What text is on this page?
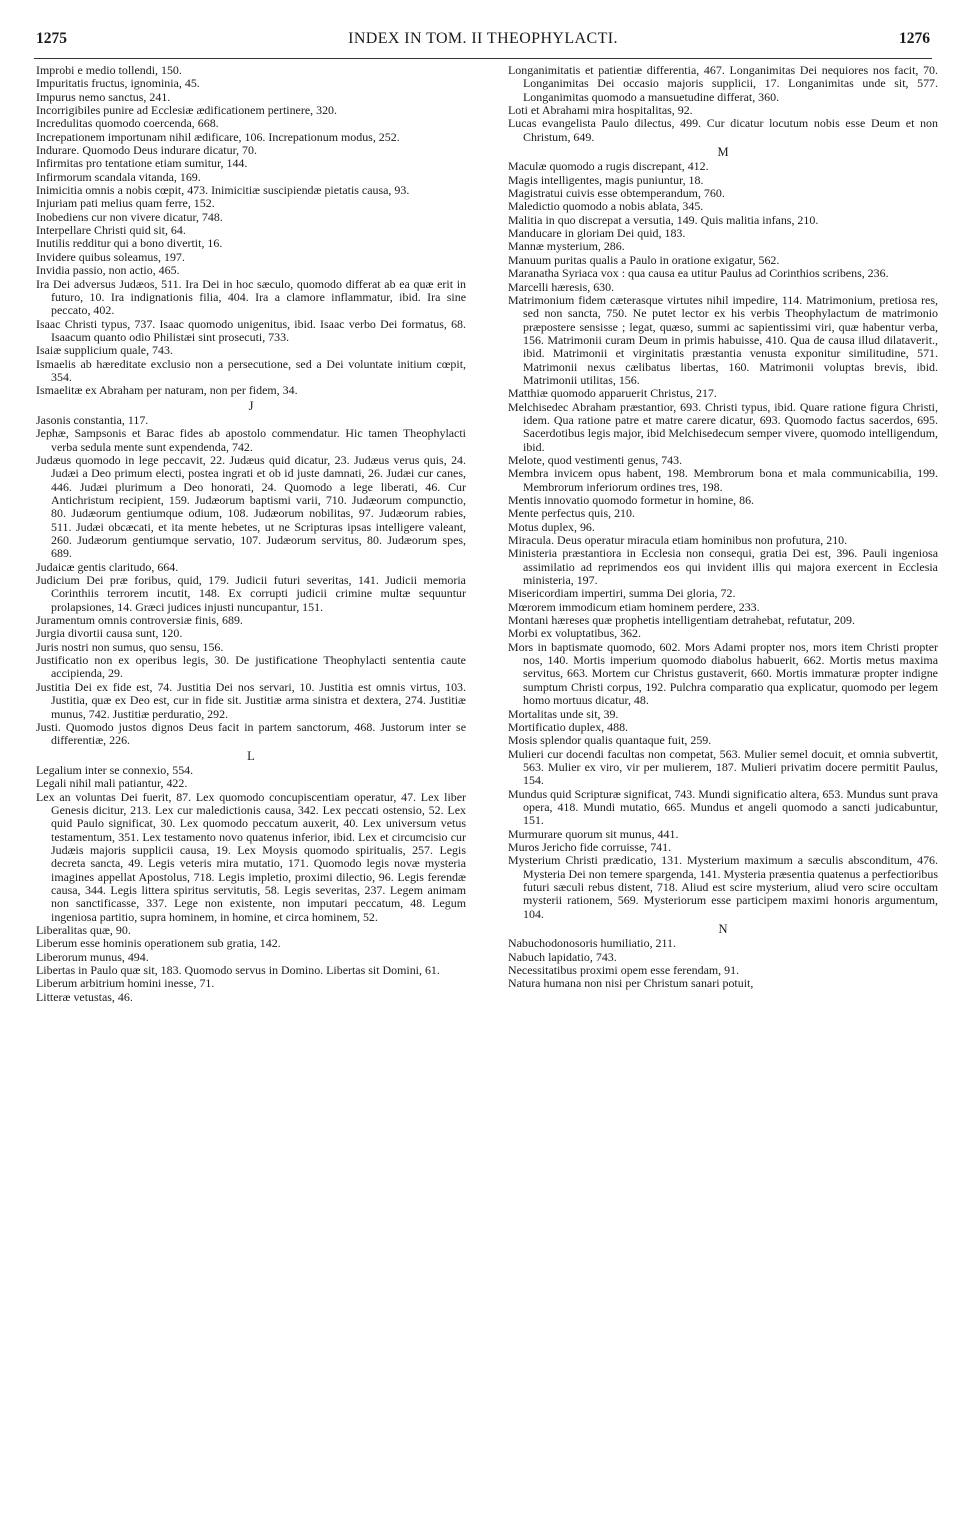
1275	INDEX IN TOM. II THEOPHYLACTI.	1276

Improbi e medio tollendi, 150.

Impuritatis fructus, ignominia, 45.

Impurus nemo sanctus, 241.

Incorrigibiles punire ad Ecclesiæ ædificationem pertinere, 320.

Incredulitas quomodo coercenda, 668.

Increpationem importunam nihil ædificare, 106. Increpationum modus, 252.

Indurare. Quomodo Deus indurare dicatur, 70.

Infirmitas pro tentatione etiam sumitur, 144.

Infirmorum scandala vitanda, 169.

Inimicitia omnis a nobis cœpit, 473. Inimicitiæ suscipiendæ pietatis causa, 93.

Injuriam pati melius quam ferre, 152.

Inobediens cur non vivere dicatur, 748.

Interpellare Christi quid sit, 64.

Inutilis redditur qui a bono divertit, 16.

Invidere quibus soleamus, 197.

Invidia passio, non actio, 465.

Ira Dei adversus Judæos, 511. Ira Dei in hoc sæculo, quomodo differat ab ea quæ erit in futuro, 10. Ira indignationis filia, 404. Ira a clamore inflammatur, ibid. Ira sine peccato, 402.

Isaac Christi typus, 737. Isaac quomodo unigenitus, ibid. Isaac verbo Dei formatus, 68. Isaacum quanto odio Philistæi sint prosecuti, 733.

Isaiæ supplicium quale, 743.

Ismaelis ab hæreditate exclusio non a persecutione, sed a Dei voluntate initium cœpit, 354.

Ismaelitæ ex Abraham per naturam, non per fidem, 34.

J

Jasonis constantia, 117.

Jephæ, Sampsonis et Barac fides ab apostolo commendatur. Hic tamen Theophylacti verba sedula mente sunt expendenda, 742.

Judæus quomodo in lege peccavit, 22. Judæus quid dicatur, 23. Judæus verus quis, 24. Judæi a Deo primum electi, postea ingrati et ob id juste damnati, 26. Judæi cur canes, 446. Judæi plurimum a Deo honorati, 24. Quomodo a lege liberati, 46. Cur Antichristum recipient, 159. Judæorum baptismi varii, 710. Judæorum compunctio, 80. Judæorum gentiumque odium, 108. Judæorum nobilitas, 97. Judæorum rabies, 511. Judæi obcæcati, et ita mente hebetes, ut ne Scripturas ipsas intelligere valeant, 260. Judæorum gentiumque servatio, 107. Judæorum servitus, 80. Judæorum spes, 689.

Judaicæ gentis claritudo, 664.

Judicium Dei præ foribus, quid, 179. Judicii futuri severitas, 141. Judicii memoria Corinthiis terrorem incutit, 148. Ex corrupti judicii crimine multæ sequuntur prolapsiones, 14. Græci judices injusti nuncupantur, 151.

Juramentum omnis controversiæ finis, 689.

Jurgia divortii causa sunt, 120.

Juris nostri non sumus, quo sensu, 156.

Justificatio non ex operibus legis, 30. De justificatione Theophylacti sententia caute accipienda, 29.

Justitia Dei ex fide est, 74. Justitia Dei nos servari, 10. Justitia est omnis virtus, 103. Justitia, quæ ex Deo est, cur in fide sit. Justitiæ arma sinistra et dextera, 274. Justitiæ munus, 742. Justitiæ perduratio, 292.

Justi. Quomodo justos dignos Deus facit in partem sanctorum, 468. Justorum inter se differentiæ, 226.

L

Legalium inter se connexio, 554.

Legali nihil mali patiantur, 422.

Lex an voluntas Dei fuerit, 87. Lex quomodo concupiscentiam operatur, 47. Lex liber Genesis dicitur, 213. Lex cur maledictionis causa, 342. Lex peccati ostensio, 52. Lex quid Paulo significat, 30. Lex quomodo peccatum auxerit, 40. Lex universum vetus testamentum, 351. Lex testamento novo quatenus inferior, ibid. Lex et circumcisio cur Judæis majoris supplicii causa, 19. Lex Moysis quomodo spiritualis, 257. Legis decreta sancta, 49. Legis veteris mira mutatio, 171. Quomodo legis novæ mysteria imagines appellat Apostolus, 718. Legis impletio, proximi dilectio, 96. Legis ferendæ causa, 344. Legis littera spiritus servitutis, 58. Legis severitas, 237. Legem animam non sanctificasse, 337. Lege non existente, non imputari peccatum, 48. Legum ingeniosa partitio, supra hominem, in homine, et circa hominem, 52.

Liberalitas quæ, 90.

Liberum esse hominis operationem sub gratia, 142.

Liberorum munus, 494.

Libertas in Paulo quæ sit, 183. Quomodo servus in Domino. Libertas sit Domini, 61.

Liberum arbitrium homini inesse, 71.

Litteræ vetustas, 46.

Longanimitatis et patientiæ differentia, 467. Longanimitas Dei nequiores nos facit, 70. Longanimitas Dei occasio majoris supplicii, 17. Longanimitas unde sit, 577. Longanimitas quomodo a mansuetudine differat, 360.

Loti et Abrahami mira hospitalitas, 92.

Lucas evangelista Paulo dilectus, 499. Cur dicatur locutum nobis esse Deum et non Christum, 649.

M

Maculæ quomodo a rugis discrepant, 412.

Magis intelligentes, magis puniuntur, 18.

Magistratui cuivis esse obtemperandum, 760.

Maledictio quomodo a nobis ablata, 345.

Malitia in quo discrepat a versutia, 149. Quis malitia infans, 210.

Manducare in gloriam Dei quid, 183.

Mannæ mysterium, 286.

Manuum puritas qualis a Paulo in oratione exigatur, 562.

Maranatha Syriaca vox : qua causa ea utitur Paulus ad Corinthios scribens, 236.

Marcelli hæresis, 630.

Matrimonium fidem cæterasque virtutes nihil impedire, 114. Matrimonium, pretiosa res, sed non sancta, 750. Ne putet lector ex his verbis Theophylactum de matrimonio præpostere sensisse ; legat, quæso, summi ac sapientissimi viri, quæ habentur verba, 156. Matrimonii curam Deum in primis habuisse, 410. Qua de causa illud dilataverit., ibid. Matrimonii et virginitatis præstantia venusta exponitur similitudine, 571. Matrimonii nexus cælibatus libertas, 160. Matrimonii voluptas brevis, ibid. Matrimonii utilitas, 156.

Matthiæ quomodo apparuerit Christus, 217.

Melchisedec Abraham præstantior, 693. Christi typus, ibid. Quare ratione figura Christi, idem. Qua ratione patre et matre carere dicatur, 693. Quomodo factus sacerdos, 695. Sacerdotibus legis major, ibid Melchisedecum semper vivere, quomodo intelligendum, ibid.

Melote, quod vestimenti genus, 743.

Membra invicem opus habent, 198. Membrorum bona et mala communicabilia, 199. Membrorum inferiorum ordines tres, 198.

Mentis innovatio quomodo formetur in homine, 86.

Mente perfectus quis, 210.

Motus duplex, 96.

Miracula. Deus operatur miracula etiam hominibus non profutura, 210.

Ministeria præstantiora in Ecclesia non consequi, gratia Dei est, 396. Pauli ingeniosa assimilatio ad reprimendos eos qui invident illis qui majora exercent in Ecclesia ministeria, 197.

Misericordiam impertiri, summa Dei gloria, 72.

Mœrorem immodicum etiam hominem perdere, 233.

Montani hæreses quæ prophetis intelligentiam detrahebat, refutatur, 209.

Morbi ex voluptatibus, 362.

Mors in baptismate quomodo, 602. Mors Adami propter nos, mors item Christi propter nos, 140. Mortis imperium quomodo diabolus habuerit, 662. Mortis metus maxima servitus, 663. Mortem cur Christus gustaverit, 660. Mortis immaturæ propter indigne sumptum Christi corpus, 192. Pulchra comparatio qua explicatur, quomodo per legem homo mortuus dicatur, 48.

Mortalitas unde sit, 39.

Mortificatio duplex, 488.

Mosis splendor qualis quantaque fuit, 259.

Mulieri cur docendi facultas non competat, 563. Mulier semel docuit, et omnia subvertit, 563. Mulier ex viro, vir per mulierem, 187. Mulieri privatim docere permitit Paulus, 154.

Mundus quid Scripturæ significat, 743. Mundi significatio altera, 653. Mundus sunt prava opera, 418. Mundi mutatio, 665. Mundus et angeli quomodo a sancti judicabuntur, 151.

Murmurare quorum sit munus, 441.

Muros Jericho fide corruisse, 741.

Mysterium Christi prædicatio, 131. Mysterium maximum a sæculis absconditum, 476. Mysteria Dei non temere spargenda, 141. Mysteria præsentia quatenus a perfectioribus futuri sæculi rebus distent, 718. Aliud est scire mysterium, aliud vero scire occultam mysterii rationem, 569. Mysteriorum esse participem maximi honoris argumentum, 104.

N

Nabuchodonosoris humiliatio, 211.

Nabuch lapidatio, 743.

Necessitatibus proximi opem esse ferendam, 91.

Natura humana non nisi per Christum sanari potuit,
